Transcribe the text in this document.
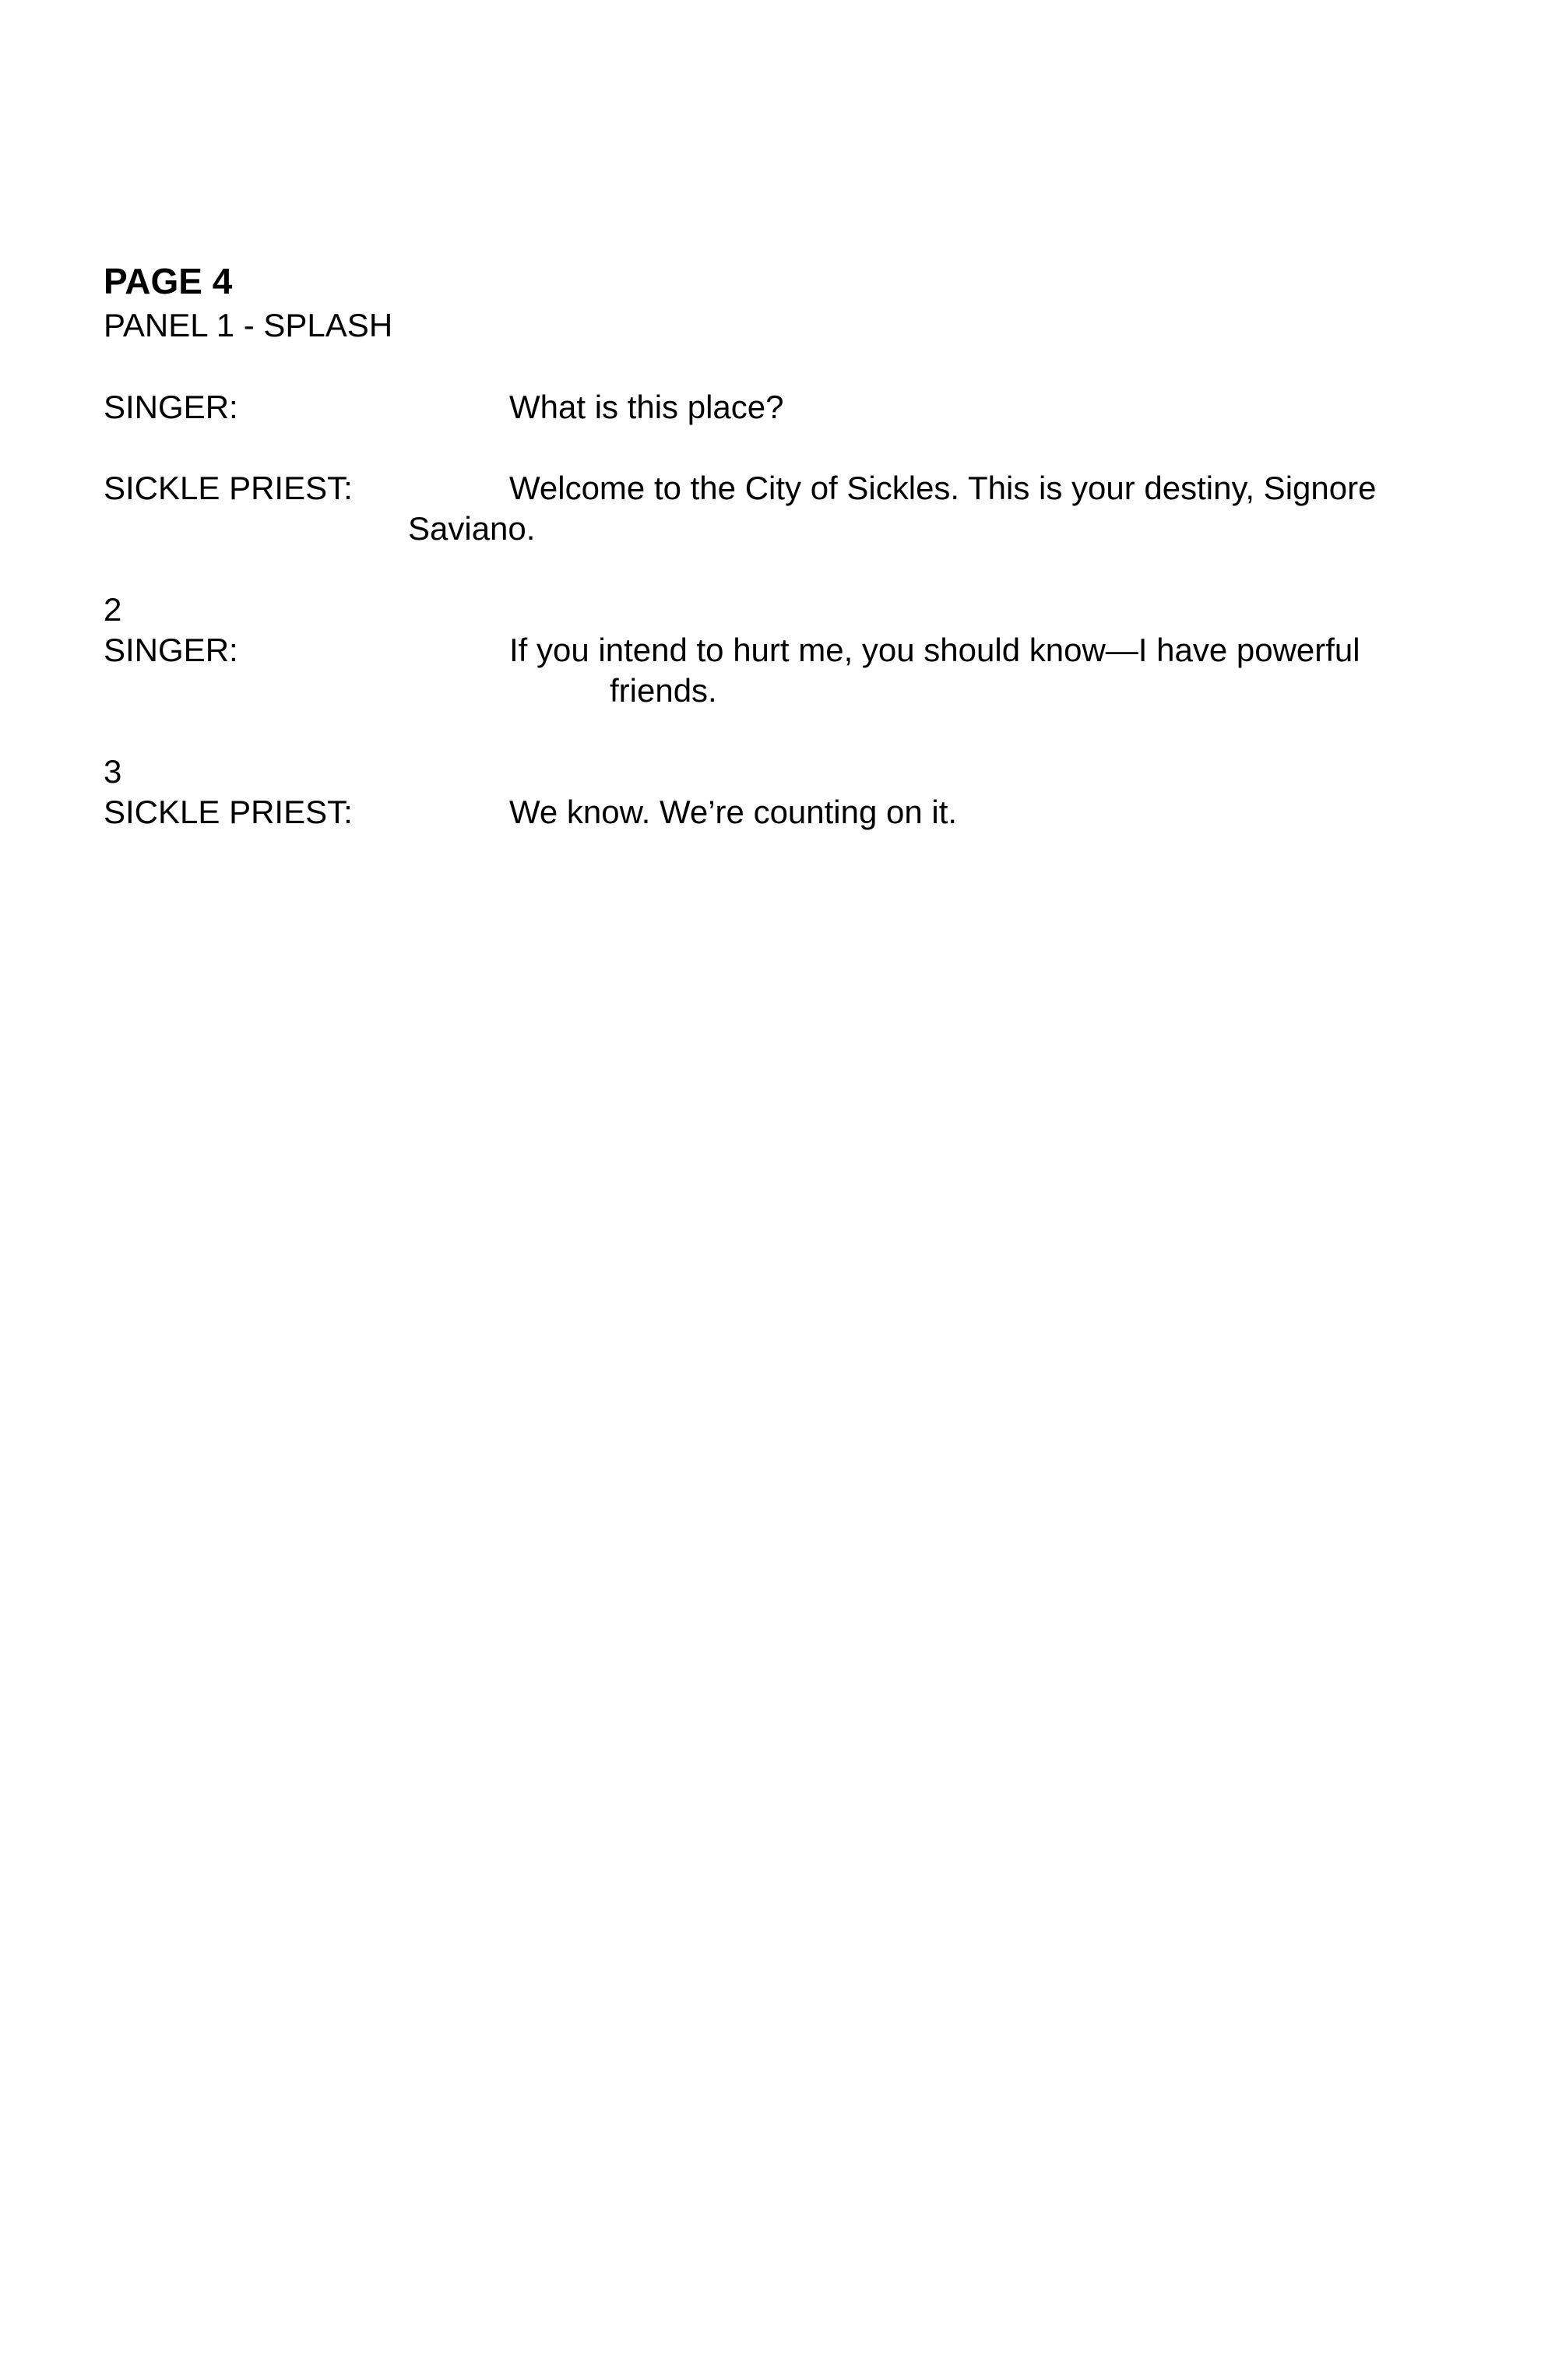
PAGE 4
PANEL 1 - SPLASH
SINGER:	What is this place?
SICKLE PRIEST:	Welcome to the City of Sickles. This is your destiny, Signore
Saviano.
2
SINGER:	If you intend to hurt me, you should know—I have powerful
friends.
3
SICKLE PRIEST:	We know. We’re counting on it.
